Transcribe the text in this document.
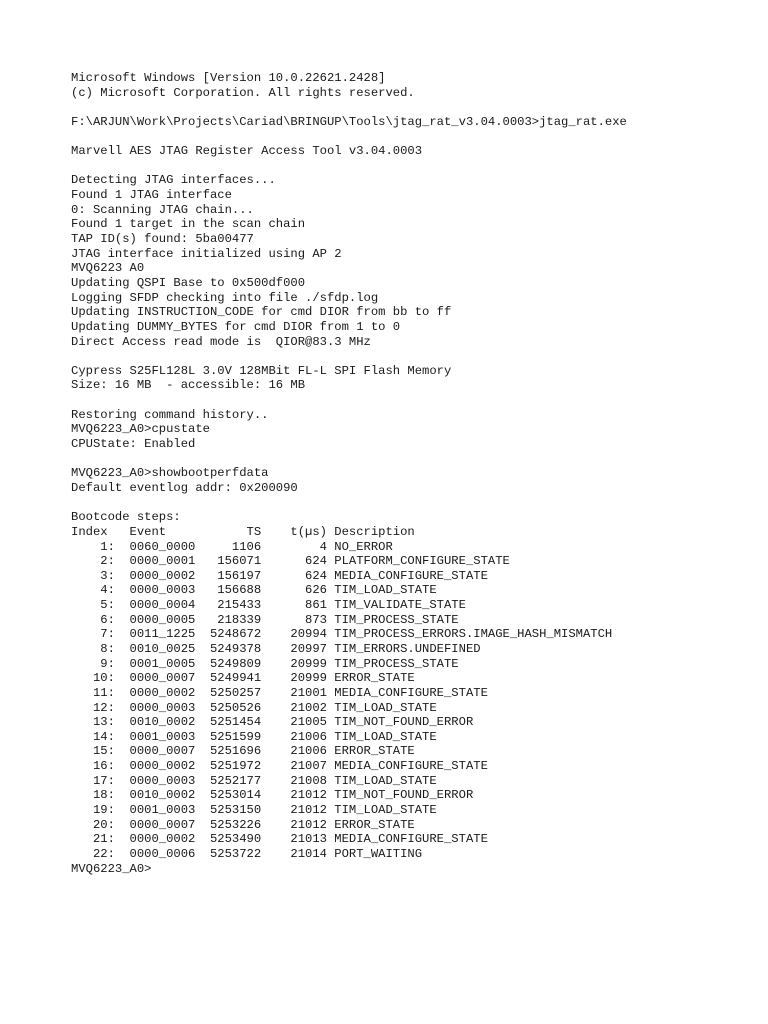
Microsoft Windows [Version 10.0.22621.2428]
(c) Microsoft Corporation. All rights reserved.
F:\ARJUN\Work\Projects\Cariad\BRINGUP\Tools\jtag_rat_v3.04.0003>jtag_rat.exe
Marvell AES JTAG Register Access Tool v3.04.0003
Detecting JTAG interfaces...
Found 1 JTAG interface
0: Scanning JTAG chain...
Found 1 target in the scan chain
TAP ID(s) found: 5ba00477
JTAG interface initialized using AP 2
MVQ6223 A0
Updating QSPI Base to 0x500df000
Logging SFDP checking into file ./sfdp.log
Updating INSTRUCTION_CODE for cmd DIOR from bb to ff
Updating DUMMY_BYTES for cmd DIOR from 1 to 0
Direct Access read mode is  QIOR@83.3 MHz
Cypress S25FL128L 3.0V 128MBit FL-L SPI Flash Memory
Size: 16 MB  - accessible: 16 MB
Restoring command history..
MVQ6223_A0>cpustate
CPUState: Enabled
MVQ6223_A0>showbootperfdata
Default eventlog addr: 0x200090
Bootcode steps:
Index   Event           TS    t(µs) Description
1:  0060_0000     1106        4 NO_ERROR
2:  0000_0001   156071      624 PLATFORM_CONFIGURE_STATE
3:  0000_0002   156197      624 MEDIA_CONFIGURE_STATE
4:  0000_0003   156688      626 TIM_LOAD_STATE
5:  0000_0004   215433      861 TIM_VALIDATE_STATE
6:  0000_0005   218339      873 TIM_PROCESS_STATE
7:  0011_1225  5248672    20994 TIM_PROCESS_ERRORS.IMAGE_HASH_MISMATCH
8:  0010_0025  5249378    20997 TIM_ERRORS.UNDEFINED
9:  0001_0005  5249809    20999 TIM_PROCESS_STATE
10:  0000_0007  5249941    20999 ERROR_STATE
11:  0000_0002  5250257    21001 MEDIA_CONFIGURE_STATE
12:  0000_0003  5250526    21002 TIM_LOAD_STATE
13:  0010_0002  5251454    21005 TIM_NOT_FOUND_ERROR
14:  0001_0003  5251599    21006 TIM_LOAD_STATE
15:  0000_0007  5251696    21006 ERROR_STATE
16:  0000_0002  5251972    21007 MEDIA_CONFIGURE_STATE
17:  0000_0003  5252177    21008 TIM_LOAD_STATE
18:  0010_0002  5253014    21012 TIM_NOT_FOUND_ERROR
19:  0001_0003  5253150    21012 TIM_LOAD_STATE
20:  0000_0007  5253226    21012 ERROR_STATE
21:  0000_0002  5253490    21013 MEDIA_CONFIGURE_STATE
22:  0000_0006  5253722    21014 PORT_WAITING
MVQ6223_A0>
